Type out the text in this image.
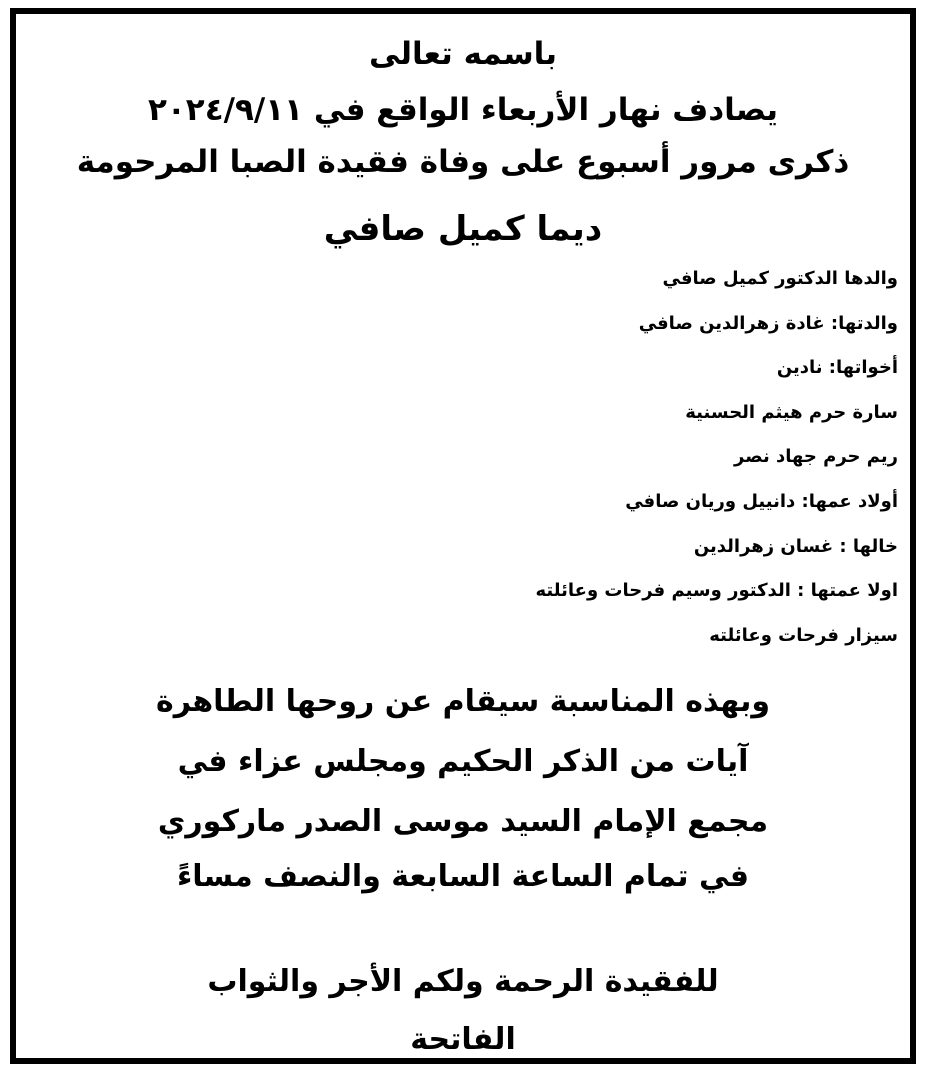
باسمه تعالى
يصادف نهار الأربعاء الواقع في ٢٠٢٤/٩/١١
ذكرى مرور أسبوع على وفاة فقيدة الصبا المرحومة
ديما كميل صافي
والدها الدكتور كميل صافي
والدتها: غادة زهرالدين صافي
أخواتها: نادين
سارة حرم هيثم الحسنية
ريم حرم جهاد نصر
أولاد عمها: دانييل وريان صافي
خالها : غسان زهرالدين
اولا عمتها : الدكتور وسيم فرحات وعائلته
سيزار فرحات وعائلته
وبهذه المناسبة سيقام عن روحها الطاهرة
آيات من الذكر الحكيم ومجلس عزاء في
مجمع الإمام السيد موسى الصدر ماركوري
في تمام الساعة السابعة والنصف مساءً
للفقيدة الرحمة ولكم الأجر والثواب
الفاتحة
